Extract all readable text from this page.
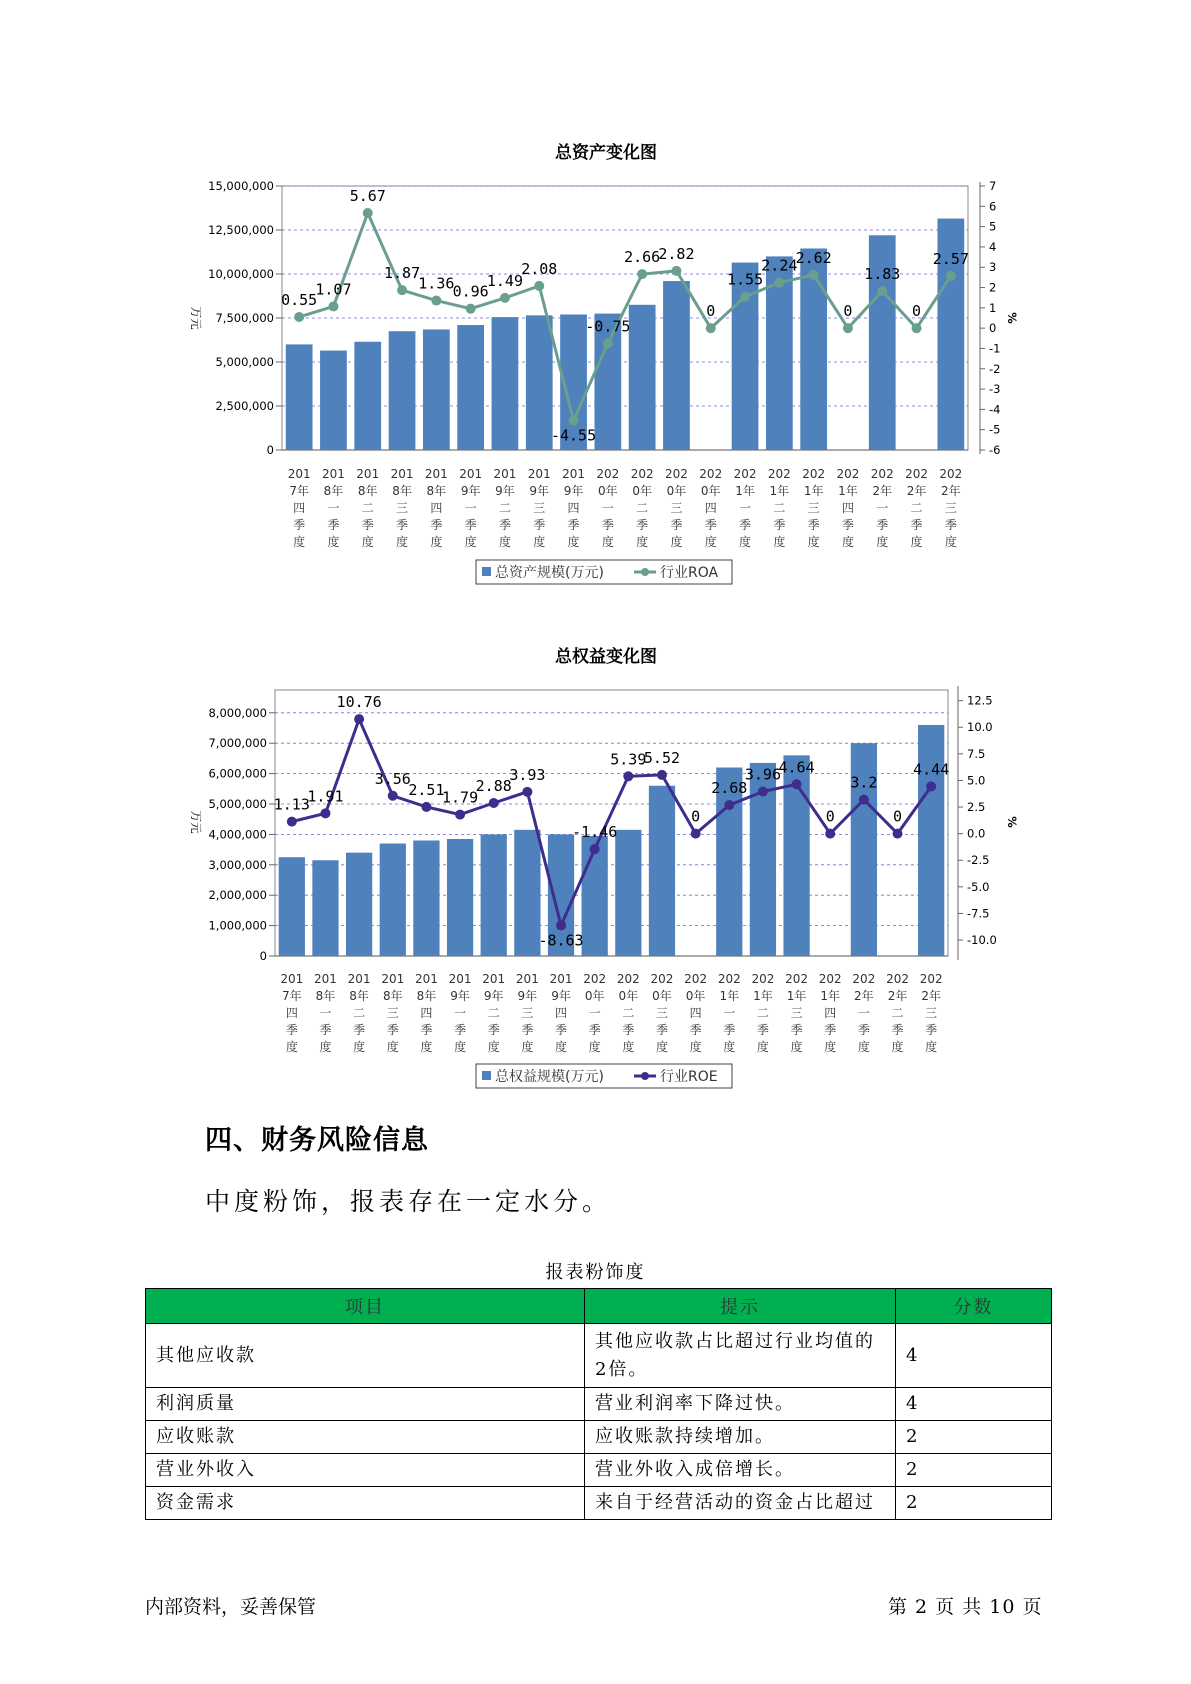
总资产变化图
15,000,000
12,500,000
10,000,000
7,500,000
5,000,000
2,500,000
0
7
6
5
4
3
2
1
0
-1
-2
-3
-4
-5
-6
万元	%
0.55
1.07
5.67
1.87
1.36
0.96
1.49
2.08
-4.55
-0.75
2.66
2.82
0
1.55
2.24
2.62
0
1.83
0
2.57
201 7年四季度
201 8年一季度
201 8年二季度
201 8年三季度
201 8年四季度
201 9年一季度
201 9年二季度
201 9年三季度
201 9年四季度
202 0年一季度
202 0年二季度
202 0年三季度
202 0年四季度
202 1年一季度
202 1年二季度
202 1年三季度
202 1年四季度
202 2年一季度
202 2年二季度
202 2年三季度
总资产规模(万元)	行业ROA
总权益变化图
8,000,000
7,000,000
6,000,000
5,000,000
4,000,000
3,000,000
2,000,000
1,000,000
0
12.5
10.0
7.5
5.0
2.5
0.0
-2.5
-5.0
-7.5
-10.0
万元	%
1.13
1.91
10.76
3.56
2.51
1.79
2.88
3.93
-8.63
-1.46
5.39
5.52
0
2.68
3.96
4.64
0
3.2
0
4.44
201 7年四季度
201 8年一季度
201 8年二季度
201 8年三季度
201 8年四季度
201 9年一季度
201 9年二季度
201 9年三季度
201 9年四季度
202 0年一季度
202 0年二季度
202 0年三季度
202 0年四季度
202 1年一季度
202 1年二季度
202 1年三季度
202 1年四季度
202 2年一季度
202 2年二季度
202 2年三季度
总权益规模(万元)	行业ROE
四、财务风险信息

中度粉饰，报表存在一定水分。

报表粉饰度
项目	提示	分数
其他应收款	其他应收款占比超过行业均值的2倍。	4
利润质量	营业利润率下降过快。	4
应收账款	应收账款持续增加。	2
营业外收入	营业外收入成倍增长。	2
资金需求	来自于经营活动的资金占比超过	2
内部资料，妥善保管	第 2 页 共 10 页
